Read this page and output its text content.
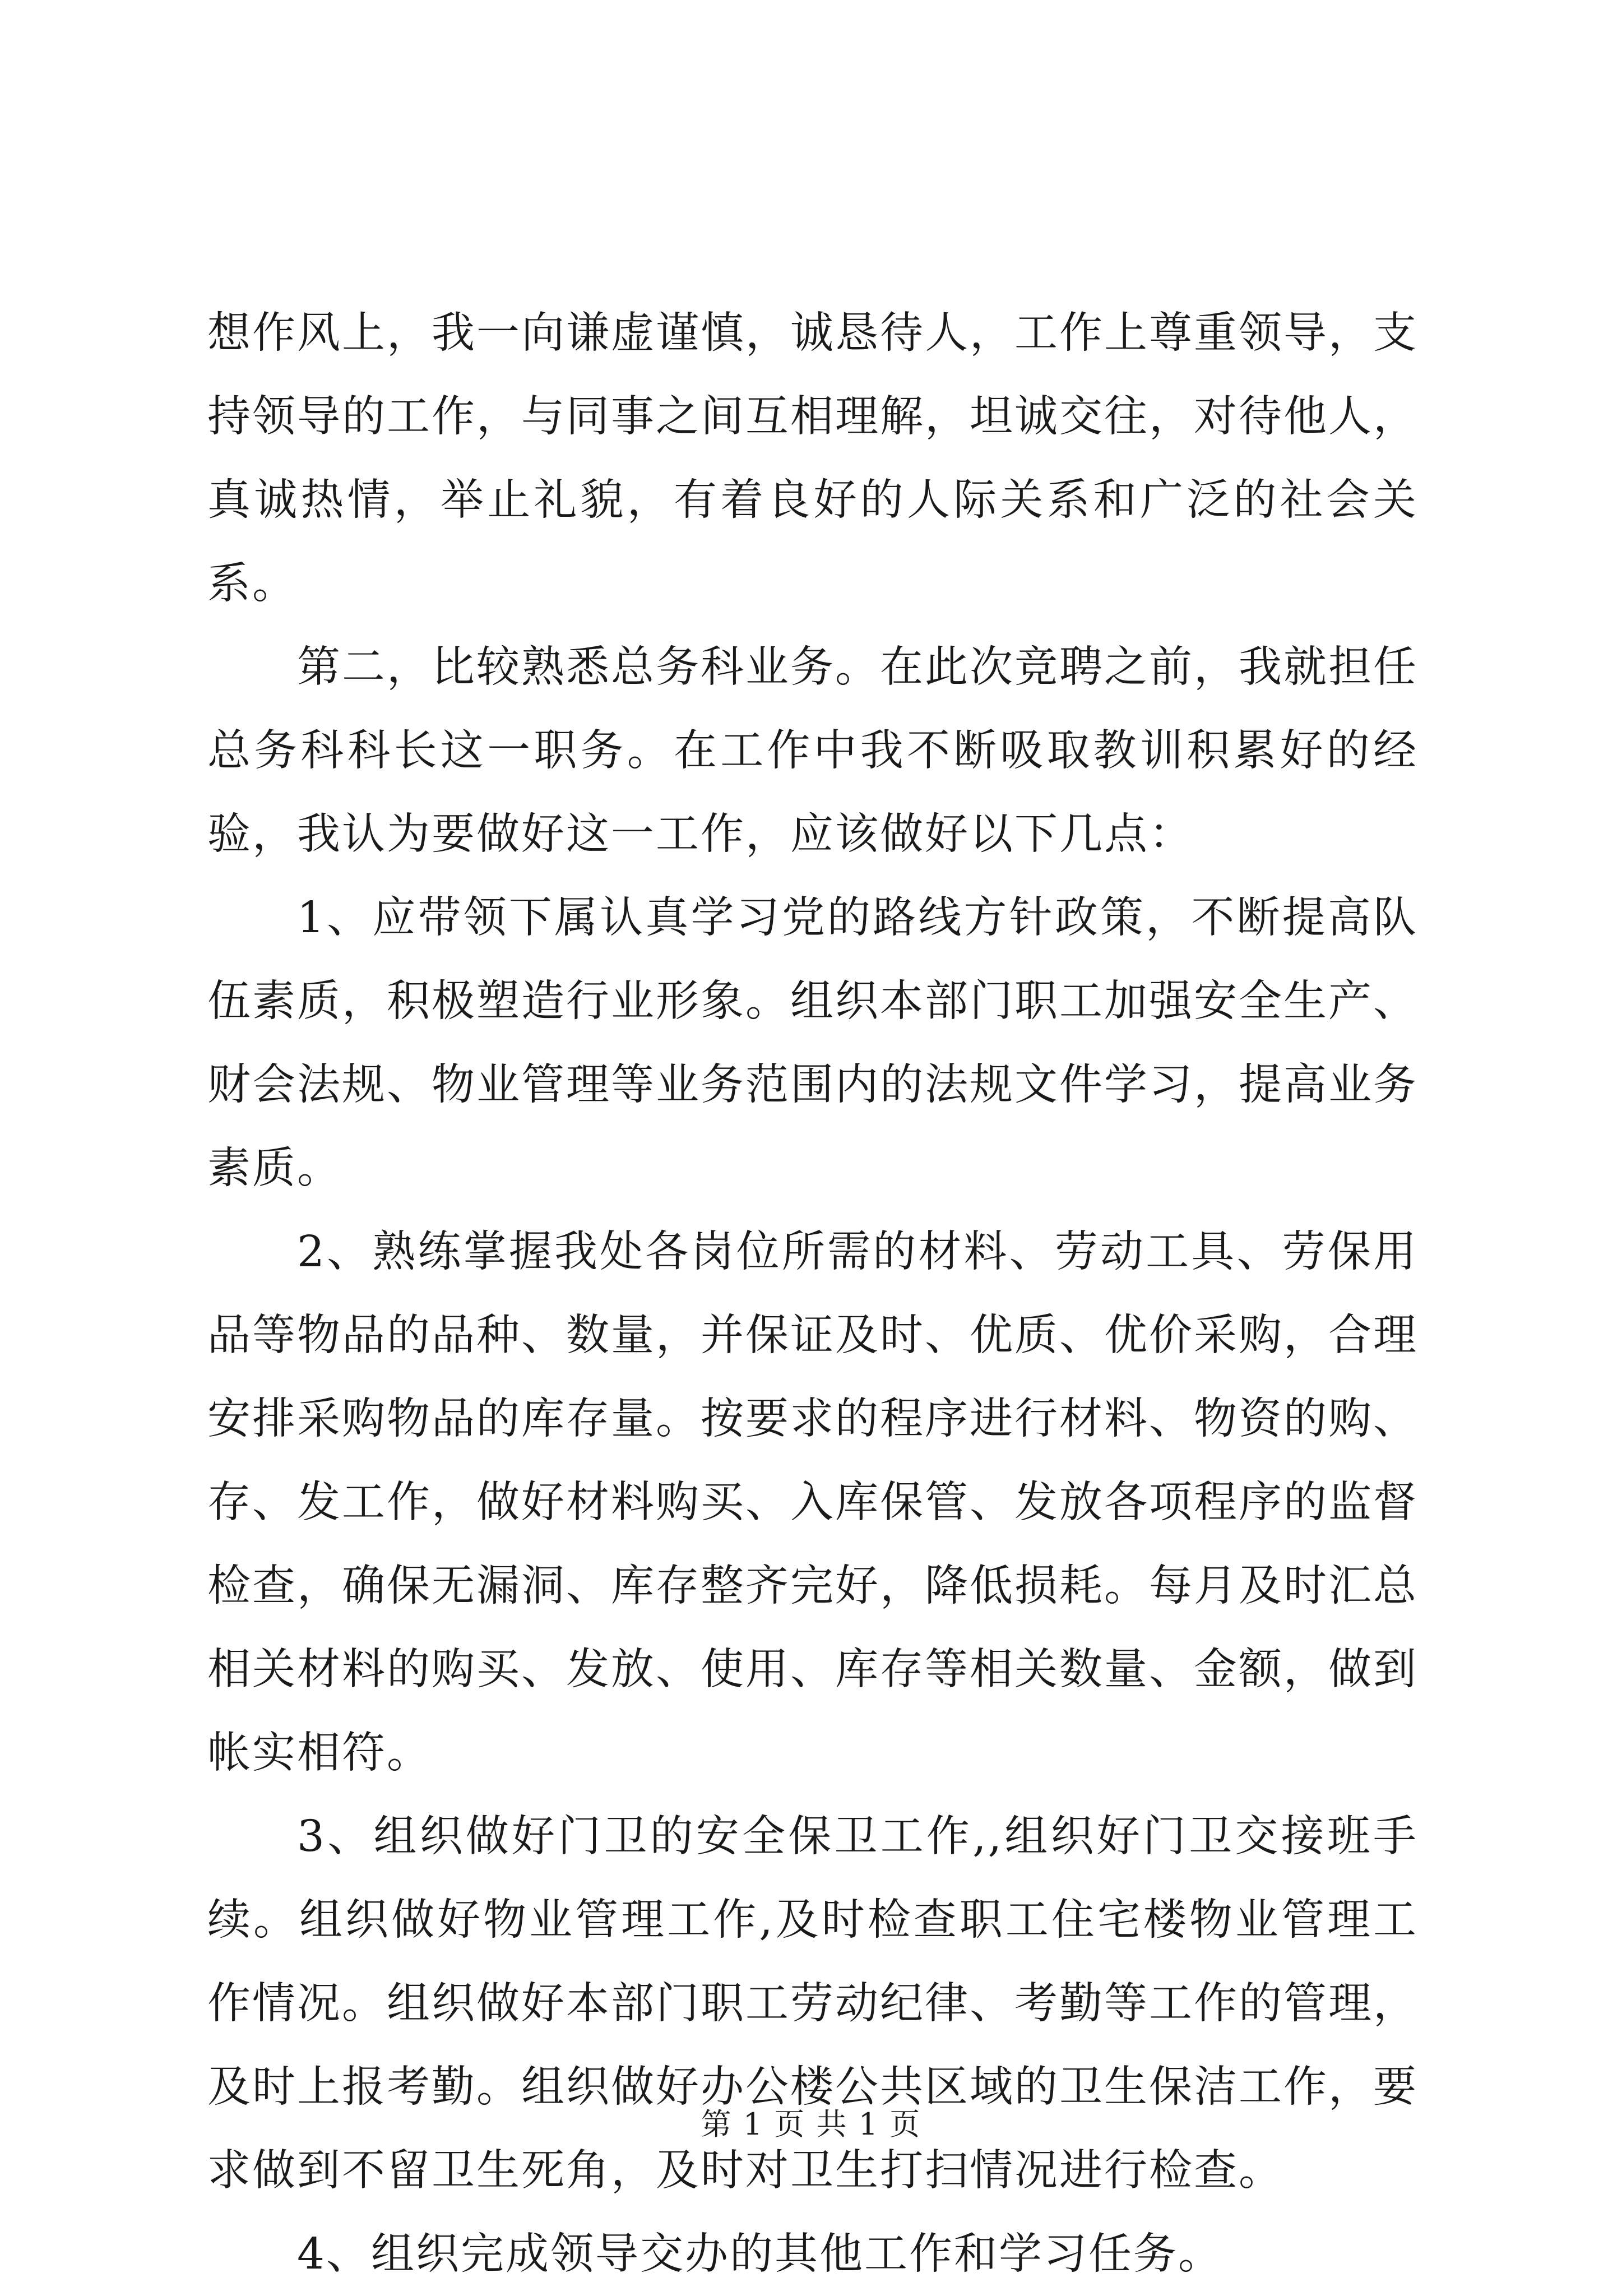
想作风上，我一向谦虚谨慎，诚恳待人，工作上尊重领导，支持领导的工作，与同事之间互相理解，坦诚交往，对待他人，真诚热情，举止礼貌，有着良好的人际关系和广泛的社会关系。

第二，比较熟悉总务科业务。在此次竞聘之前，我就担任总务科科长这一职务。在工作中我不断吸取教训积累好的经验，我认为要做好这一工作，应该做好以下几点：

1、应带领下属认真学习党的路线方针政策，不断提高队伍素质，积极塑造行业形象。组织本部门职工加强安全生产、财会法规、物业管理等业务范围内的法规文件学习，提高业务素质。

2、熟练掌握我处各岗位所需的材料、劳动工具、劳保用品等物品的品种、数量，并保证及时、优质、优价采购，合理安排采购物品的库存量。按要求的程序进行材料、物资的购、存、发工作，做好材料购买、入库保管、发放各项程序的监督检查，确保无漏洞、库存整齐完好，降低损耗。每月及时汇总相关材料的购买、发放、使用、库存等相关数量、金额，做到帐实相符。

3、组织做好门卫的安全保卫工作,,组织好门卫交接班手续。组织做好物业管理工作,及时检查职工住宅楼物业管理工作情况。组织做好本部门职工劳动纪律、考勤等工作的管理，及时上报考勤。组织做好办公楼公共区域的卫生保洁工作，要求做到不留卫生死角，及时对卫生打扫情况进行检查。

4、组织完成领导交办的其他工作和学习任务。

第 1 页 共 1 页
